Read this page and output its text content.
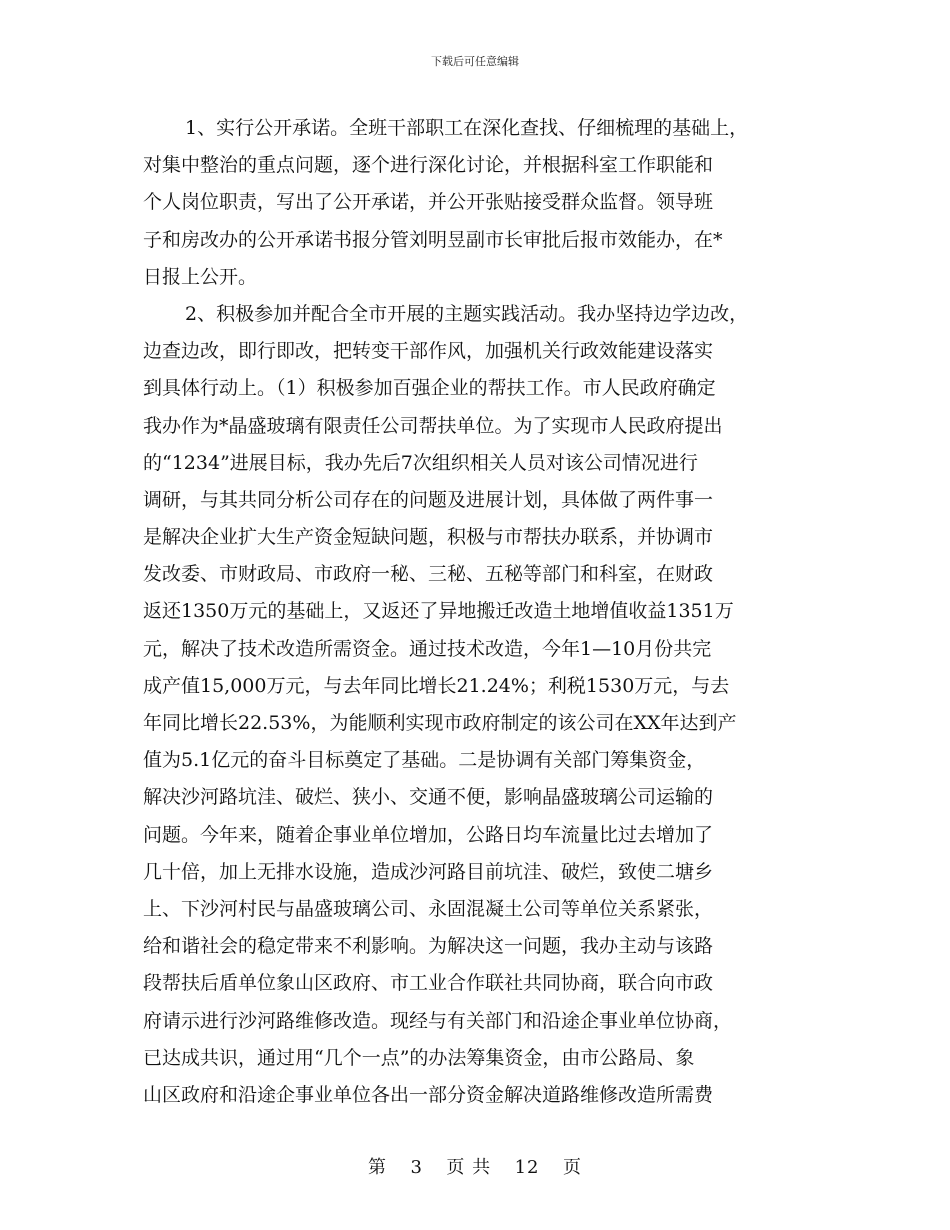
下载后可任意编辑
1、实行公开承诺。全班干部职工在深化查找、仔细梳理的基础上，
对集中整治的重点问题，逐个进行深化讨论，并根据科室工作职能和
个人岗位职责，写出了公开承诺，并公开张贴接受群众监督。领导班
子和房改办的公开承诺书报分管刘明昱副市长审批后报市效能办，在*
日报上公开。
2、积极参加并配合全市开展的主题实践活动。我办坚持边学边改，
边查边改，即行即改，把转变干部作风，加强机关行政效能建设落实
到具体行动上。（1）积极参加百强企业的帮扶工作。市人民政府确定
我办作为*晶盛玻璃有限责任公司帮扶单位。为了实现市人民政府提出
的“1234”进展目标，我办先后7次组织相关人员对该公司情况进行
调研，与其共同分析公司存在的问题及进展计划，具体做了两件事一
是解决企业扩大生产资金短缺问题，积极与市帮扶办联系，并协调市
发改委、市财政局、市政府一秘、三秘、五秘等部门和科室，在财政
返还1350万元的基础上，又返还了异地搬迁改造土地增值收益1351万
元，解决了技术改造所需资金。通过技术改造，今年1—10月份共完
成产值15,000万元，与去年同比增长21.24%；利税1530万元，与去
年同比增长22.53%，为能顺利实现市政府制定的该公司在XX年达到产
值为5.1亿元的奋斗目标奠定了基础。二是协调有关部门筹集资金，
解决沙河路坑洼、破烂、狭小、交通不便，影响晶盛玻璃公司运输的
问题。今年来，随着企事业单位增加，公路日均车流量比过去增加了
几十倍，加上无排水设施，造成沙河路目前坑洼、破烂，致使二塘乡
上、下沙河村民与晶盛玻璃公司、永固混凝土公司等单位关系紧张，
给和谐社会的稳定带来不利影响。为解决这一问题，我办主动与该路
段帮扶后盾单位象山区政府、市工业合作联社共同协商，联合向市政
府请示进行沙河路维修改造。现经与有关部门和沿途企事业单位协商，
已达成共识，通过用“几个一点”的办法筹集资金，由市公路局、象
山区政府和沿途企事业单位各出一部分资金解决道路维修改造所需费
第 3 页 共 12 页
